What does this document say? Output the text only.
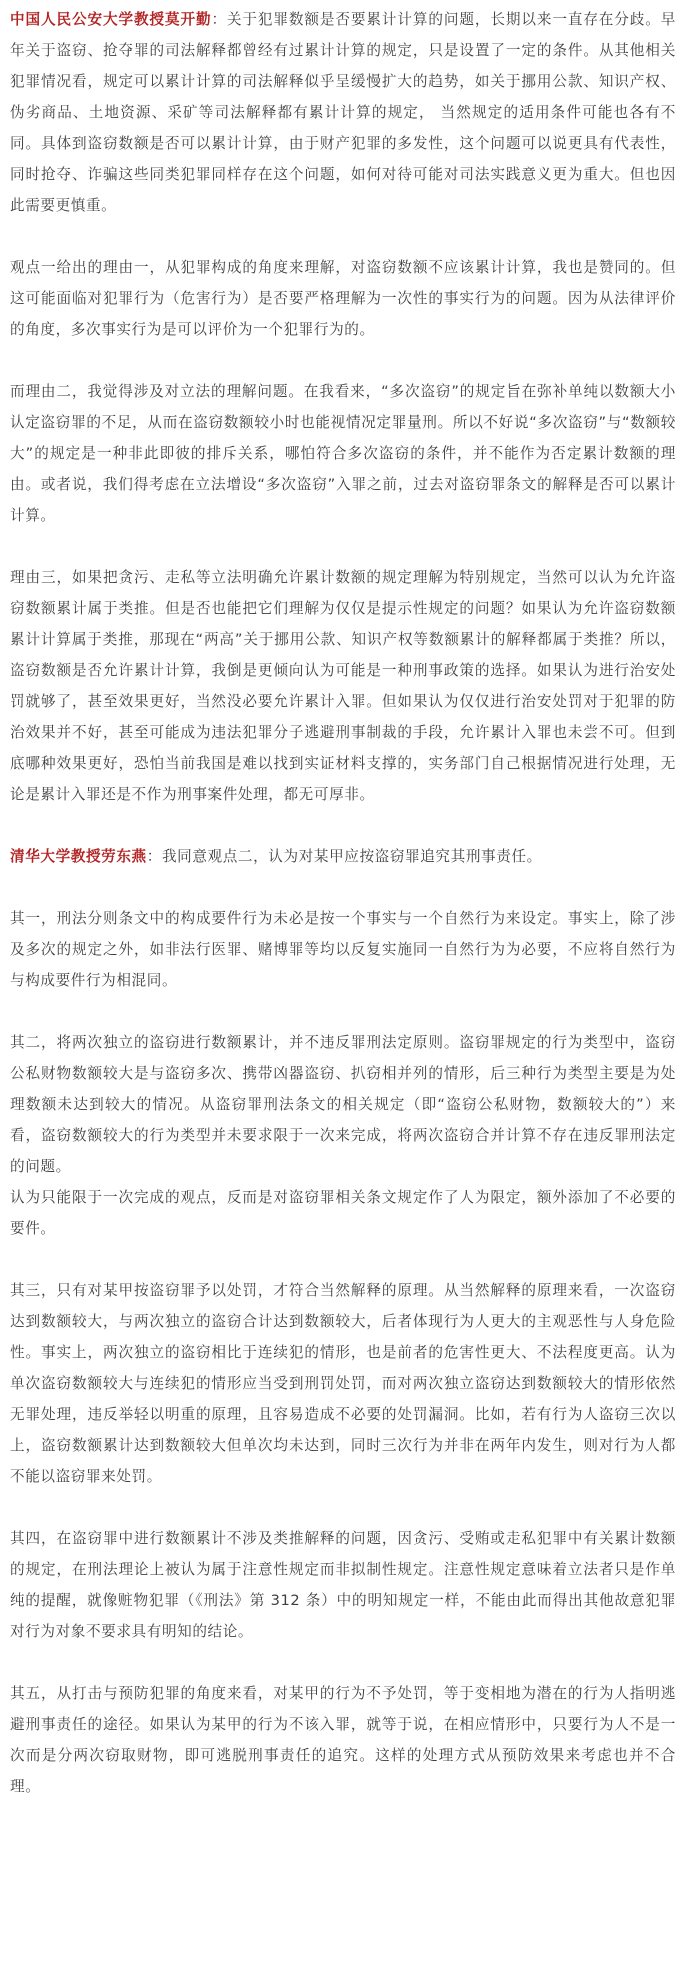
中国人民公安大学教授莫开勤：关于犯罪数额是否要累计计算的问题，长期以来一直存在分歧。早年关于盗窃、抢夺罪的司法解释都曾经有过累计计算的规定，只是设置了一定的条件。从其他相关犯罪情况看，规定可以累计计算的司法解释似乎呈缓慢扩大的趋势，如关于挪用公款、知识产权、伪劣商品、土地资源、采矿等司法解释都有累计计算的规定， 当然规定的适用条件可能也各有不同。具体到盗窃数额是否可以累计计算，由于财产犯罪的多发性，这个问题可以说更具有代表性，同时抢夺、诈骗这些同类犯罪同样存在这个问题，如何对待可能对司法实践意义更为重大。但也因此需要更慎重。

观点一给出的理由一，从犯罪构成的角度来理解，对盗窃数额不应该累计计算，我也是赞同的。但这可能面临对犯罪行为（危害行为）是否要严格理解为一次性的事实行为的问题。因为从法律评价的角度，多次事实行为是可以评价为一个犯罪行为的。

而理由二，我觉得涉及对立法的理解问题。在我看来，“多次盗窃”的规定旨在弥补单纯以数额大小认定盗窃罪的不足，从而在盗窃数额较小时也能视情况定罪量刑。所以不好说“多次盗窃”与“数额较大”的规定是一种非此即彼的排斥关系，哪怕符合多次盗窃的条件，并不能作为否定累计数额的理由。或者说，我们得考虑在立法增设“多次盗窃”入罪之前，过去对盗窃罪条文的解释是否可以累计计算。

理由三，如果把贪污、走私等立法明确允许累计数额的规定理解为特别规定，当然可以认为允许盗窃数额累计属于类推。但是否也能把它们理解为仅仅是提示性规定的问题？如果认为允许盗窃数额累计计算属于类推，那现在“两高”关于挪用公款、知识产权等数额累计的解释都属于类推？所以，盗窃数额是否允许累计计算，我倒是更倾向认为可能是一种刑事政策的选择。如果认为进行治安处罚就够了，甚至效果更好，当然没必要允许累计入罪。但如果认为仅仅进行治安处罚对于犯罪的防治效果并不好，甚至可能成为违法犯罪分子逃避刑事制裁的手段，允许累计入罪也未尝不可。但到底哪种效果更好，恐怕当前我国是难以找到实证材料支撑的，实务部门自己根据情况进行处理，无论是累计入罪还是不作为刑事案件处理，都无可厚非。

清华大学教授劳东燕：我同意观点二，认为对某甲应按盗窃罪追究其刑事责任。

其一，刑法分则条文中的构成要件行为未必是按一个事实与一个自然行为来设定。事实上，除了涉及多次的规定之外，如非法行医罪、赌博罪等均以反复实施同一自然行为为必要，不应将自然行为与构成要件行为相混同。

其二，将两次独立的盗窃进行数额累计，并不违反罪刑法定原则。盗窃罪规定的行为类型中，盗窃公私财物数额较大是与盗窃多次、携带凶器盗窃、扒窃相并列的情形，后三种行为类型主要是为处理数额未达到较大的情况。从盗窃罪刑法条文的相关规定（即“盗窃公私财物，数额较大的”）来看，盗窃数额较大的行为类型并未要求限于一次来完成，将两次盗窃合并计算不存在违反罪刑法定的问题。

认为只能限于一次完成的观点，反而是对盗窃罪相关条文规定作了人为限定，额外添加了不必要的要件。

其三，只有对某甲按盗窃罪予以处罚，才符合当然解释的原理。从当然解释的原理来看，一次盗窃达到数额较大，与两次独立的盗窃合计达到数额较大，后者体现行为人更大的主观恶性与人身危险性。事实上，两次独立的盗窃相比于连续犯的情形，也是前者的危害性更大、不法程度更高。认为单次盗窃数额较大与连续犯的情形应当受到刑罚处罚，而对两次独立盗窃达到数额较大的情形依然无罪处理，违反举轻以明重的原理，且容易造成不必要的处罚漏洞。比如，若有行为人盗窃三次以上，盗窃数额累计达到数额较大但单次均未达到，同时三次行为并非在两年内发生，则对行为人都不能以盗窃罪来处罚。

其四，在盗窃罪中进行数额累计不涉及类推解释的问题，因贪污、受贿或走私犯罪中有关累计数额的规定，在刑法理论上被认为属于注意性规定而非拟制性规定。注意性规定意味着立法者只是作单纯的提醒，就像赃物犯罪（《刑法》第 312 条）中的明知规定一样，不能由此而得出其他故意犯罪对行为对象不要求具有明知的结论。

其五，从打击与预防犯罪的角度来看，对某甲的行为不予处罚，等于变相地为潜在的行为人指明逃避刑事责任的途径。如果认为某甲的行为不该入罪，就等于说，在相应情形中，只要行为人不是一次而是分两次窃取财物，即可逃脱刑事责任的追究。这样的处理方式从预防效果来考虑也并不合理。
